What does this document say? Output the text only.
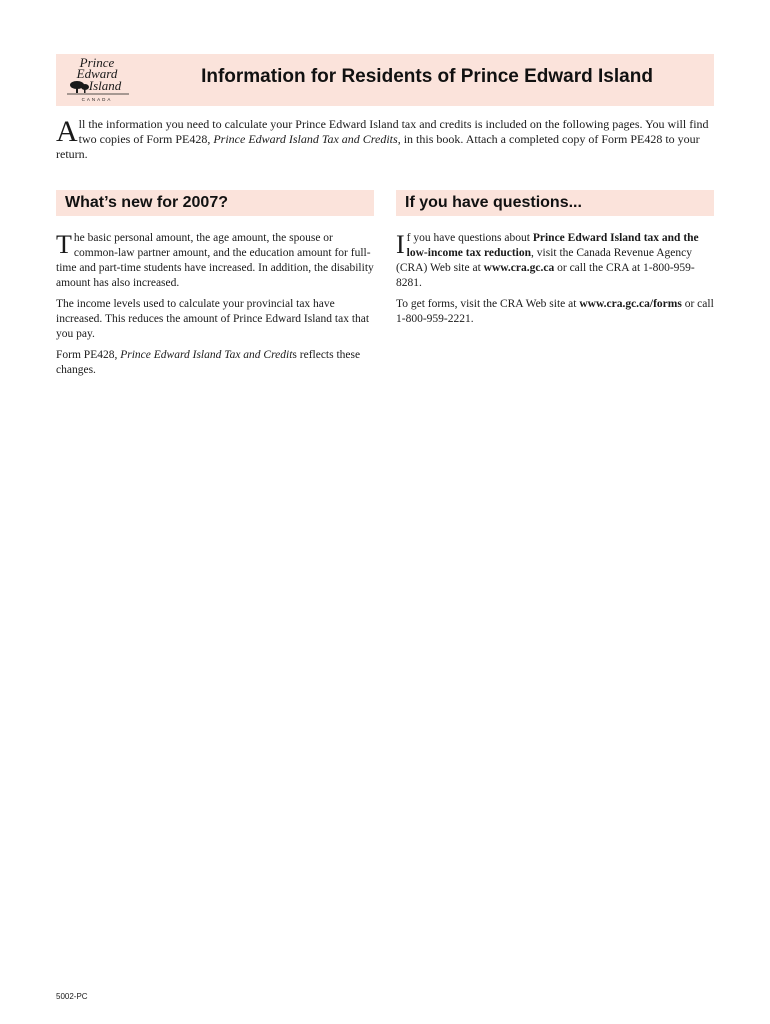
Prince
Edward
Island
CANADA
Information for Residents of Prince Edward Island
All the information you need to calculate your Prince Edward Island tax and credits is included on the following pages. You will find two copies of Form PE428, Prince Edward Island Tax and Credits, in this book. Attach a completed copy of Form PE428 to your return.
What’s new for 2007?	If you have questions...

The basic personal amount, the age amount, the spouse or common-law partner amount, and the education amount for full-time and part-time students have increased. In addition, the disability amount has also increased.

The income levels used to calculate your provincial tax have increased. This reduces the amount of Prince Edward Island tax that you pay.

Form PE428, Prince Edward Island Tax and Credits reflects these changes.

If you have questions about Prince Edward Island tax and the low-income tax reduction, visit the Canada Revenue Agency (CRA) Web site at www.cra.gc.ca or call the CRA at 1-800-959-8281.

To get forms, visit the CRA Web site at www.cra.gc.ca/forms or call 1-800-959-2221.

5002-PC
